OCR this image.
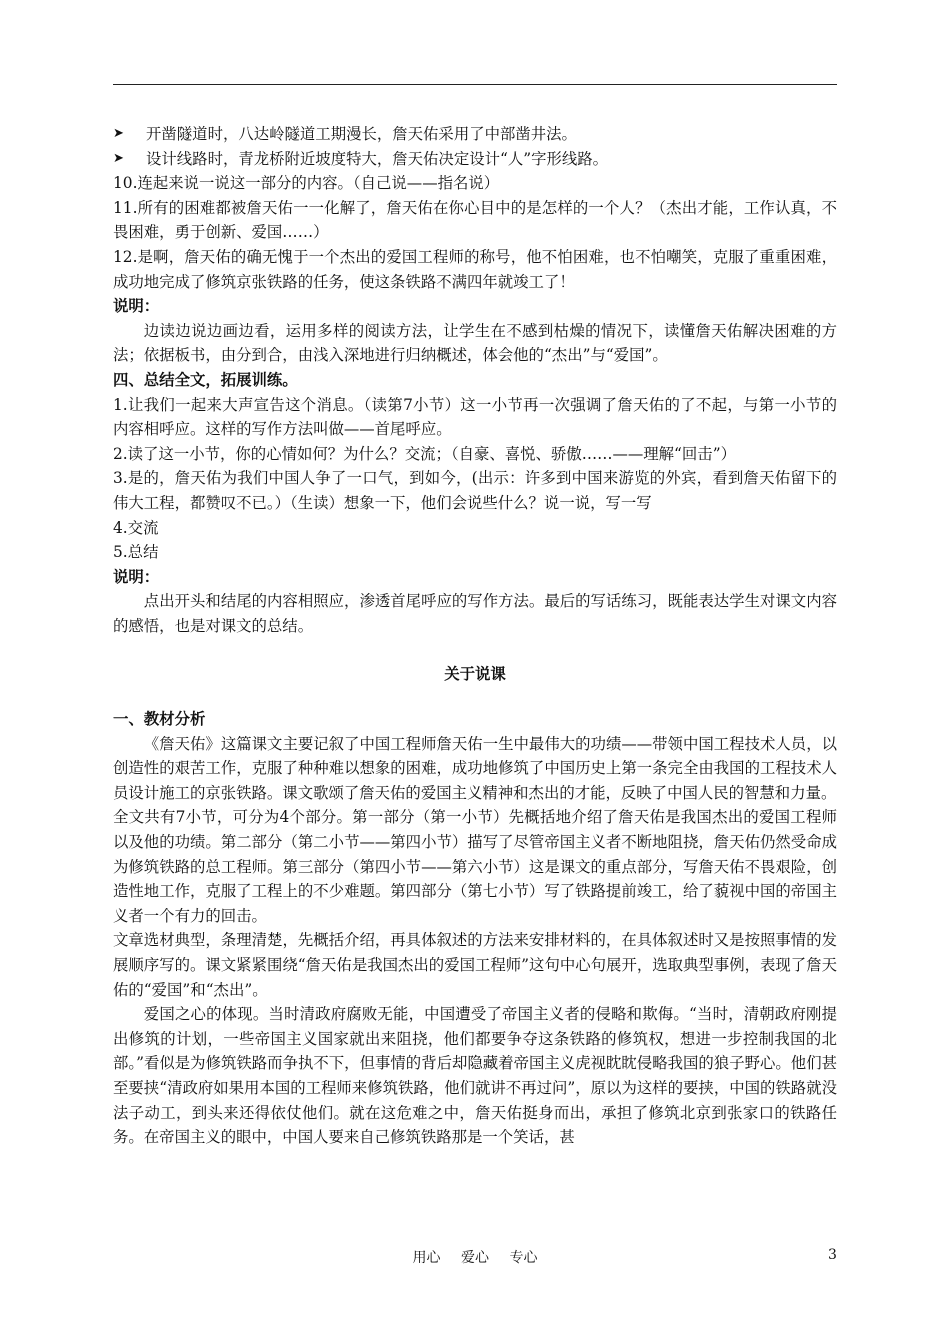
➤ 开凿隧道时，八达岭隧道工期漫长，詹天佑采用了中部凿井法。

➤ 设计线路时，青龙桥附近坡度特大，詹天佑决定设计“人”字形线路。

10.连起来说一说这一部分的内容。（自己说——指名说）

11.所有的困难都被詹天佑一一化解了，詹天佑在你心目中的是怎样的一个人？（杰出才能，工作认真，不畏困难，勇于创新、爱国……）

12.是啊，詹天佑的确无愧于一个杰出的爱国工程师的称号，他不怕困难，也不怕嘲笑，克服了重重困难，成功地完成了修筑京张铁路的任务，使这条铁路不满四年就竣工了！

说明：

边读边说边画边看，运用多样的阅读方法，让学生在不感到枯燥的情况下，读懂詹天佑解决困难的方法；依据板书，由分到合，由浅入深地进行归纳概述，体会他的“杰出”与“爱国”。

四、总结全文，拓展训练。

1.让我们一起来大声宣告这个消息。（读第7小节）这一小节再一次强调了詹天佑的了不起，与第一小节的内容相呼应。这样的写作方法叫做——首尾呼应。

2.读了这一小节，你的心情如何？为什么？交流；（自豪、喜悦、骄傲……——理解“回击”）

3.是的，詹天佑为我们中国人争了一口气，到如今，(出示：许多到中国来游览的外宾，看到詹天佑留下的伟大工程，都赞叹不已。）（生读）想象一下，他们会说些什么？说一说，写一写

4.交流

5.总结

说明：

点出开头和结尾的内容相照应，渗透首尾呼应的写作方法。最后的写话练习，既能表达学生对课文内容的感悟，也是对课文的总结。

关于说课

一、教材分析

《詹天佑》这篇课文主要记叙了中国工程师詹天佑一生中最伟大的功绩——带领中国工程技术人员，以创造性的艰苦工作，克服了种种难以想象的困难，成功地修筑了中国历史上第一条完全由我国的工程技术人员设计施工的京张铁路。课文歌颂了詹天佑的爱国主义精神和杰出的才能，反映了中国人民的智慧和力量。

全文共有7小节，可分为4个部分。第一部分（第一小节）先概括地介绍了詹天佑是我国杰出的爱国工程师以及他的功绩。第二部分（第二小节——第四小节）描写了尽管帝国主义者不断地阻挠，詹天佑仍然受命成为修筑铁路的总工程师。第三部分（第四小节——第六小节）这是课文的重点部分，写詹天佑不畏艰险，创造性地工作，克服了工程上的不少难题。第四部分（第七小节）写了铁路提前竣工，给了藐视中国的帝国主义者一个有力的回击。

文章选材典型，条理清楚，先概括介绍，再具体叙述的方法来安排材料的，在具体叙述时又是按照事情的发展顺序写的。课文紧紧围绕“詹天佑是我国杰出的爱国工程师”这句中心句展开，选取典型事例，表现了詹天佑的“爱国”和“杰出”。

爱国之心的体现。当时清政府腐败无能，中国遭受了帝国主义者的侵略和欺侮。“当时，清朝政府刚提出修筑的计划，一些帝国主义国家就出来阻挠，他们都要争夺这条铁路的修筑权，想进一步控制我国的北部。”看似是为修筑铁路而争执不下，但事情的背后却隐藏着帝国主义虎视眈眈侵略我国的狼子野心。他们甚至要挟“清政府如果用本国的工程师来修筑铁路，他们就讲不再过问”，原以为这样的要挟，中国的铁路就没法子动工，到头来还得依仗他们。就在这危难之中，詹天佑挺身而出，承担了修筑北京到张家口的铁路任务。在帝国主义的眼中，中国人要来自己修筑铁路那是一个笑话，甚

用心 爱心 专心	3
